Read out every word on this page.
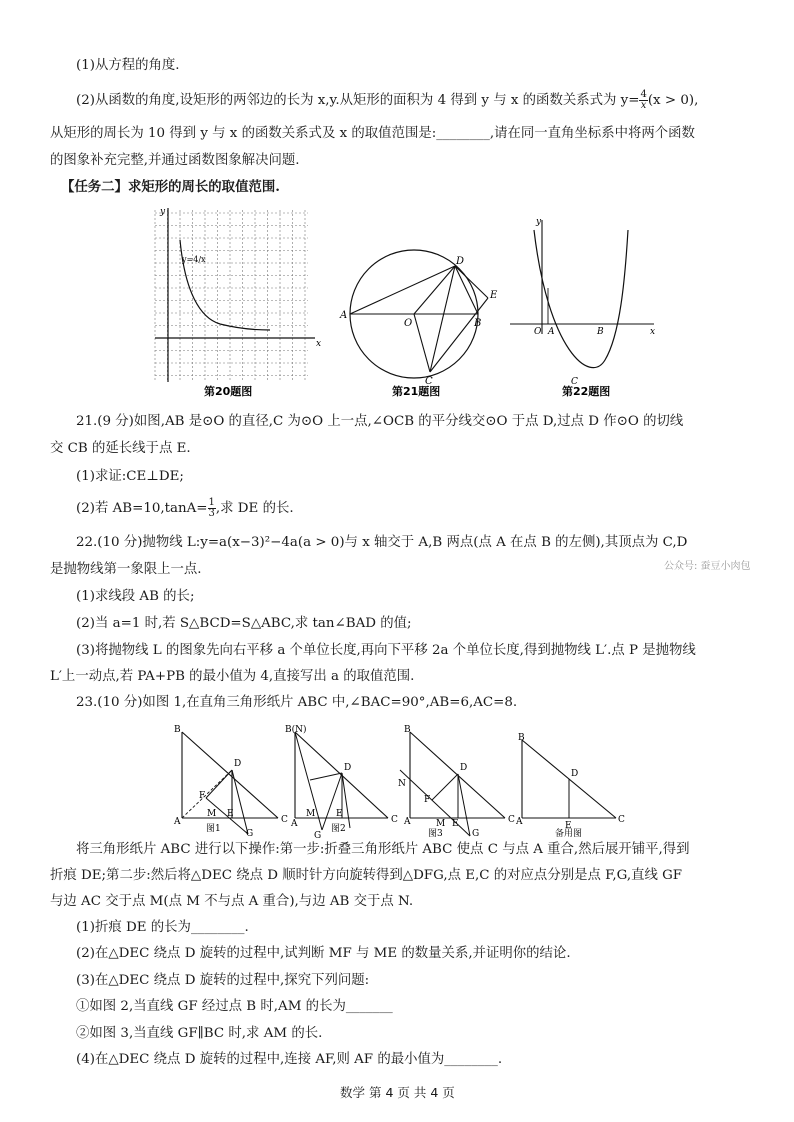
(1)从方程的角度.
(2)从函数的角度,设矩形的两邻边的长为 x,y.从矩形的面积为 4 得到 y 与 x 的函数关系式为 $y= \frac{4}{x} (x > 0)$,
从矩形的周长为 10 得到 y 与 x 的函数关系式及 x 的取值范围是:________,请在同一直角坐标系中将两个函数
的图象补充完整,并通过函数图象解决问题.
【任务二】求矩形的周长的取值范围.
y=4/x
y
x
第20题图
A
O
D
E
B
C
第21题图
y
x
O A	B
C
第22题图
21.(9 分)如图,AB 是⊙O 的直径,C 为⊙O 上一点,∠OCB 的平分线交⊙O 于点 D,过点 D 作⊙O 的切线
交 CB 的延长线于点 E.
(1)求证:CE⊥DE;
(2)若 $AB=10,\tan A= \frac{1}{3}$ ,求 DE 的长.
22.(10 分)抛物线 L:y=a(x−3)²−4a(a > 0)与 x 轴交于 A,B 两点(点 A 在点 B 的左侧),其顶点为 C,D
是抛物线第一象限上一点.	公众号: 蚕豆小肉包
(1)求线段 AB 的长;
(2)当 a=1 时,若 S△BCD=S△ABC,求 tan∠BAD 的值;
(3)将抛物线 L 的图象先向右平移 a 个单位长度,再向下平移 2a 个单位长度,得到抛物线 L′.点 P 是抛物线
L′上一动点,若 PA+PB 的最小值为 4,直接写出 a 的取值范围.
23.(10 分)如图 1,在直角三角形纸片 ABC 中,∠BAC=90°,AB=6,AC=8.
B
D
A
F
M E
C
G
图1
B(N)
D
A
M E
C
G
图2
B
D
N
F
A	M E	C
G
图3
B
D
A	E
C
备用图
将三角形纸片 ABC 进行以下操作:第一步:折叠三角形纸片 ABC 使点 C 与点 A 重合,然后展开铺平,得到
折痕 DE;第二步:然后将△DEC 绕点 D 顺时针方向旋转得到△DFG,点 E,C 的对应点分别是点 F,G,直线 GF
与边 AC 交于点 M(点 M 不与点 A 重合),与边 AB 交于点 N.
(1)折痕 DE 的长为________.
(2)在△DEC 绕点 D 旋转的过程中,试判断 MF 与 ME 的数量关系,并证明你的结论.
(3)在△DEC 绕点 D 旋转的过程中,探究下列问题:
①如图 2,当直线 GF 经过点 B 时,AM 的长为_______
②如图 3,当直线 GF∥BC 时,求 AM 的长.
(4)在△DEC 绕点 D 旋转的过程中,连接 AF,则 AF 的最小值为________.
数学 第 4 页 共 4 页
